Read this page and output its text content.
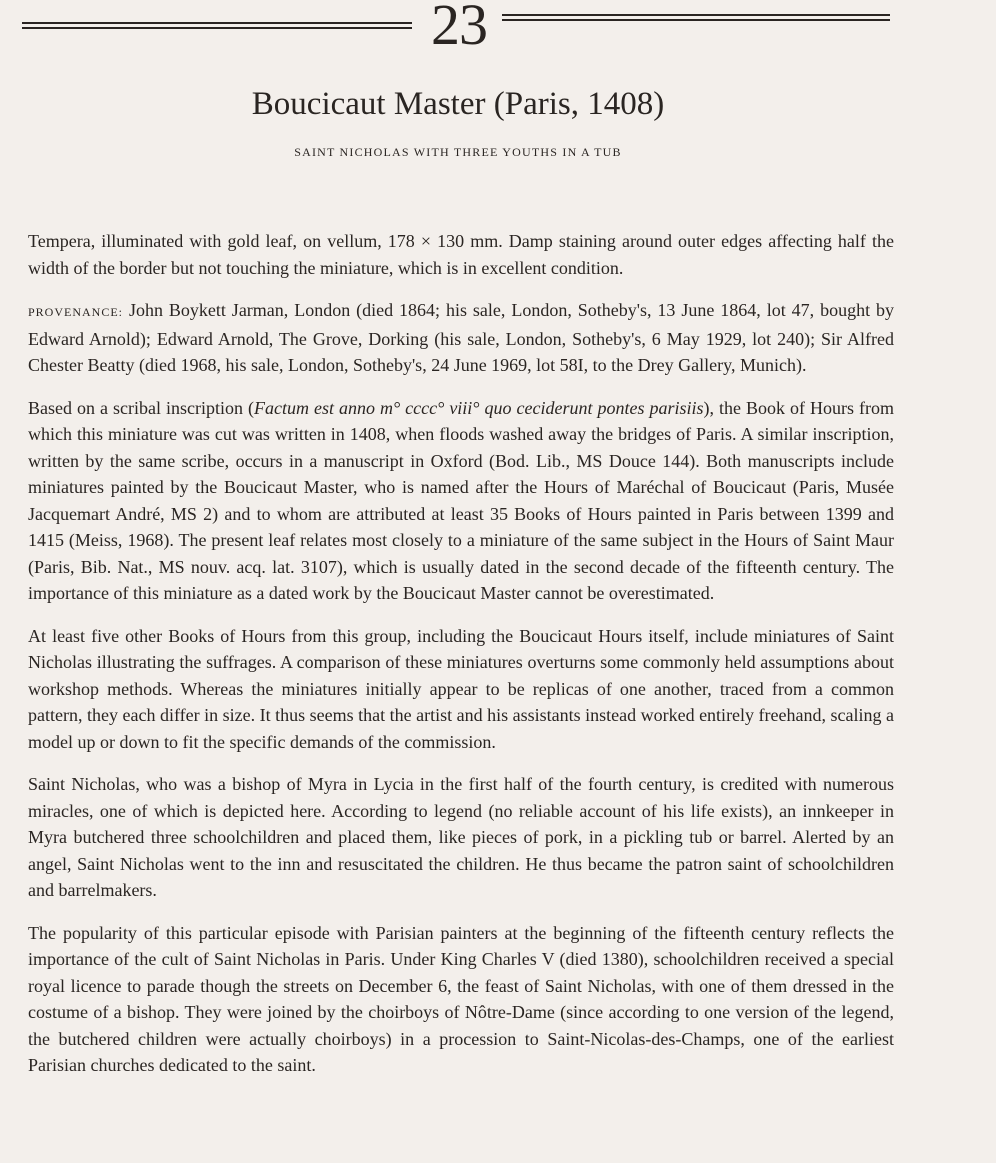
23
Boucicaut Master (Paris, 1408)
SAINT NICHOLAS WITH THREE YOUTHS IN A TUB

Tempera, illuminated with gold leaf, on vellum, 178 × 130 mm. Damp staining around outer edges affecting half the width of the border but not touching the miniature, which is in excellent condition.

PROVENANCE: John Boykett Jarman, London (died 1864; his sale, London, Sotheby's, 13 June 1864, lot 47, bought by Edward Arnold); Edward Arnold, The Grove, Dorking (his sale, London, Sotheby's, 6 May 1929, lot 240); Sir Alfred Chester Beatty (died 1968, his sale, London, Sotheby's, 24 June 1969, lot 58I, to the Drey Gallery, Munich).

Based on a scribal inscription (Factum est anno m° cccc° viii° quo ceciderunt pontes parisiis), the Book of Hours from which this miniature was cut was written in 1408, when floods washed away the bridges of Paris. A similar inscription, written by the same scribe, occurs in a manuscript in Oxford (Bod. Lib., MS Douce 144). Both manuscripts include miniatures painted by the Boucicaut Master, who is named after the Hours of Maréchal of Boucicaut (Paris, Musée Jacquemart André, MS 2) and to whom are attributed at least 35 Books of Hours painted in Paris between 1399 and 1415 (Meiss, 1968). The present leaf relates most closely to a miniature of the same subject in the Hours of Saint Maur (Paris, Bib. Nat., MS nouv. acq. lat. 3107), which is usually dated in the second decade of the fifteenth century. The importance of this miniature as a dated work by the Boucicaut Master cannot be overestimated.

At least five other Books of Hours from this group, including the Boucicaut Hours itself, include miniatures of Saint Nicholas illustrating the suffrages. A comparison of these miniatures overturns some commonly held assumptions about workshop methods. Whereas the miniatures initially appear to be replicas of one another, traced from a common pattern, they each differ in size. It thus seems that the artist and his assistants instead worked entirely freehand, scaling a model up or down to fit the specific demands of the commission.

Saint Nicholas, who was a bishop of Myra in Lycia in the first half of the fourth century, is credited with numerous miracles, one of which is depicted here. According to legend (no reliable account of his life exists), an innkeeper in Myra butchered three schoolchildren and placed them, like pieces of pork, in a pickling tub or barrel. Alerted by an angel, Saint Nicholas went to the inn and resuscitated the children. He thus became the patron saint of schoolchildren and barrelmakers.

The popularity of this particular episode with Parisian painters at the beginning of the fifteenth century reflects the importance of the cult of Saint Nicholas in Paris. Under King Charles V (died 1380), schoolchildren received a special royal licence to parade though the streets on December 6, the feast of Saint Nicholas, with one of them dressed in the costume of a bishop. They were joined by the choirboys of Nôtre-Dame (since according to one version of the legend, the butchered children were actually choirboys) in a procession to Saint-Nicolas-des-Champs, one of the earliest Parisian churches dedicated to the saint.
